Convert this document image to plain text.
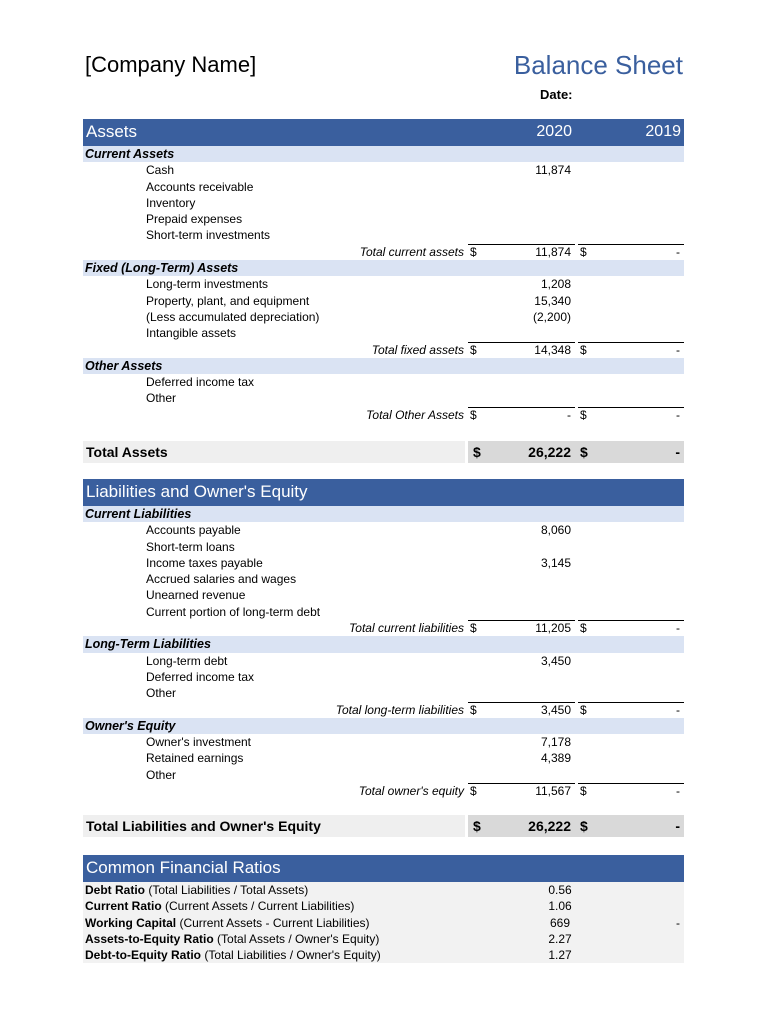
[Company Name]	Balance Sheet
Date:
Assets	2020	2019
Current Assets
Cash	11,874
Accounts receivable
Inventory
Prepaid expenses
Short-term investments
Total current assets $	11,874 $	-
Fixed (Long-Term) Assets
Long-term investments	1,208
Property, plant, and equipment	15,340
(Less accumulated depreciation)	(2,200)
Intangible assets
Total fixed assets $	14,348 $	-
Other Assets
Deferred income tax
Other
Total Other Assets $	- $	-
Total Assets	$	26,222 $	-
Liabilities and Owner's Equity
Current Liabilities
Accounts payable	8,060
Short-term loans
Income taxes payable	3,145
Accrued salaries and wages
Unearned revenue
Current portion of long-term debt
Total current liabilities $	11,205 $	-
Long-Term Liabilities
Long-term debt	3,450
Deferred income tax
Other
Total long-term liabilities $	3,450 $	-
Owner's Equity
Owner's investment	7,178
Retained earnings	4,389
Other
Total owner's equity $	11,567 $	-
Total Liabilities and Owner's Equity	$	26,222 $	-
Common Financial Ratios
Debt Ratio (Total Liabilities / Total Assets)	0.56
Current Ratio (Current Assets / Current Liabilities)	1.06
Working Capital (Current Assets - Current Liabilities)	669	-
Assets-to-Equity Ratio (Total Assets / Owner's Equity)	2.27
Debt-to-Equity Ratio (Total Liabilities / Owner's Equity)	1.27
